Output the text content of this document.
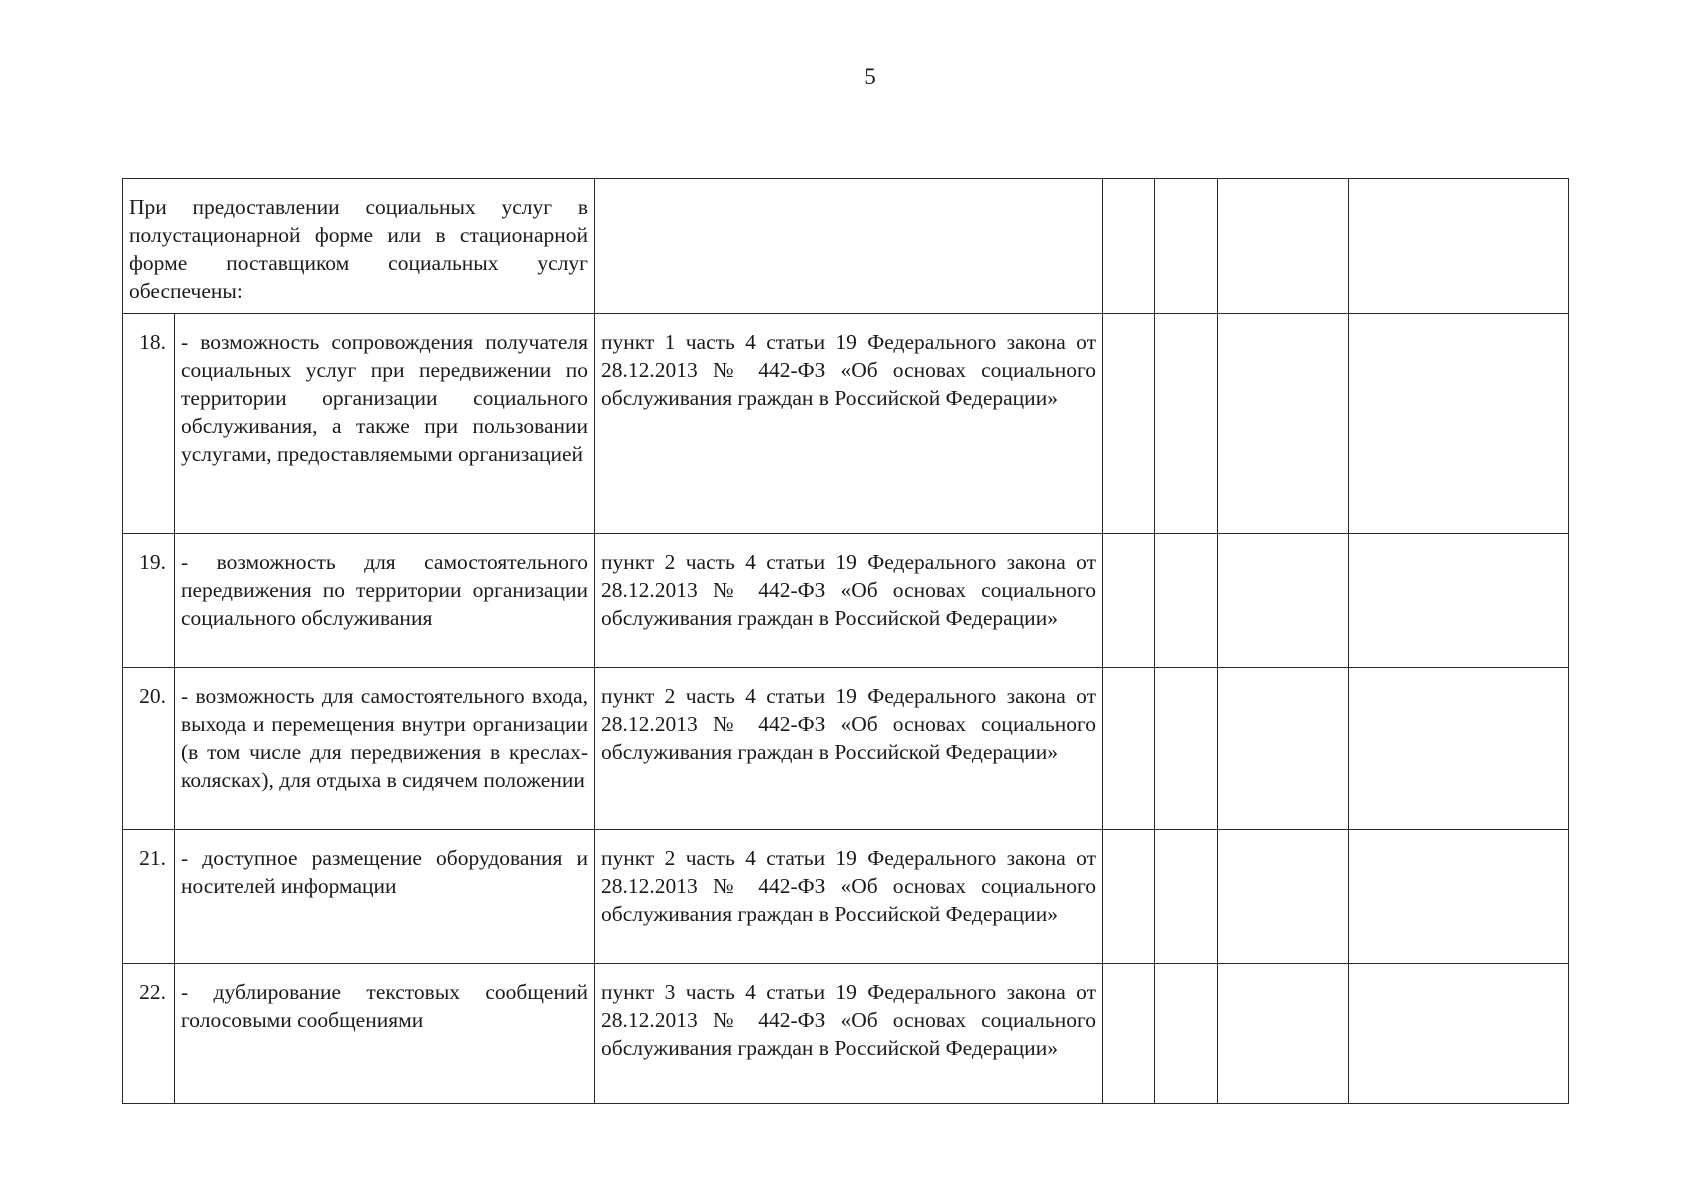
5
При предоставлении социальных услуг в полустационарной форме или в стационарной форме поставщиком социальных услуг обеспечены:						
18.	- возможность сопровождения получателя социальных услуг при передвижении по территории организации социального обслуживания, а также при пользовании услугами, предоставляемыми организацией	пункт 1 часть 4 статьи 19 Федерального закона от 28.12.2013 № 442-ФЗ «Об основах социального обслуживания граждан в Российской Федерации»				
19.	- возможность для самостоятельного передвижения по территории организации социального обслуживания	пункт 2 часть 4 статьи 19 Федерального закона от 28.12.2013 № 442-ФЗ «Об основах социального обслуживания граждан в Российской Федерации»				
20.	- возможность для самостоятельного входа, выхода и перемещения внутри организации (в том числе для передвижения в креслах-колясках), для отдыха в сидячем положении	пункт 2 часть 4 статьи 19 Федерального закона от 28.12.2013 № 442-ФЗ «Об основах социального обслуживания граждан в Российской Федерации»				
21.	- доступное размещение оборудования и носителей информации	пункт 2 часть 4 статьи 19 Федерального закона от 28.12.2013 № 442-ФЗ «Об основах социального обслуживания граждан в Российской Федерации»				
22.	- дублирование текстовых сообщений голосовыми сообщениями	пункт 3 часть 4 статьи 19 Федерального закона от 28.12.2013 № 442-ФЗ «Об основах социального обслуживания граждан в Российской Федерации»				
